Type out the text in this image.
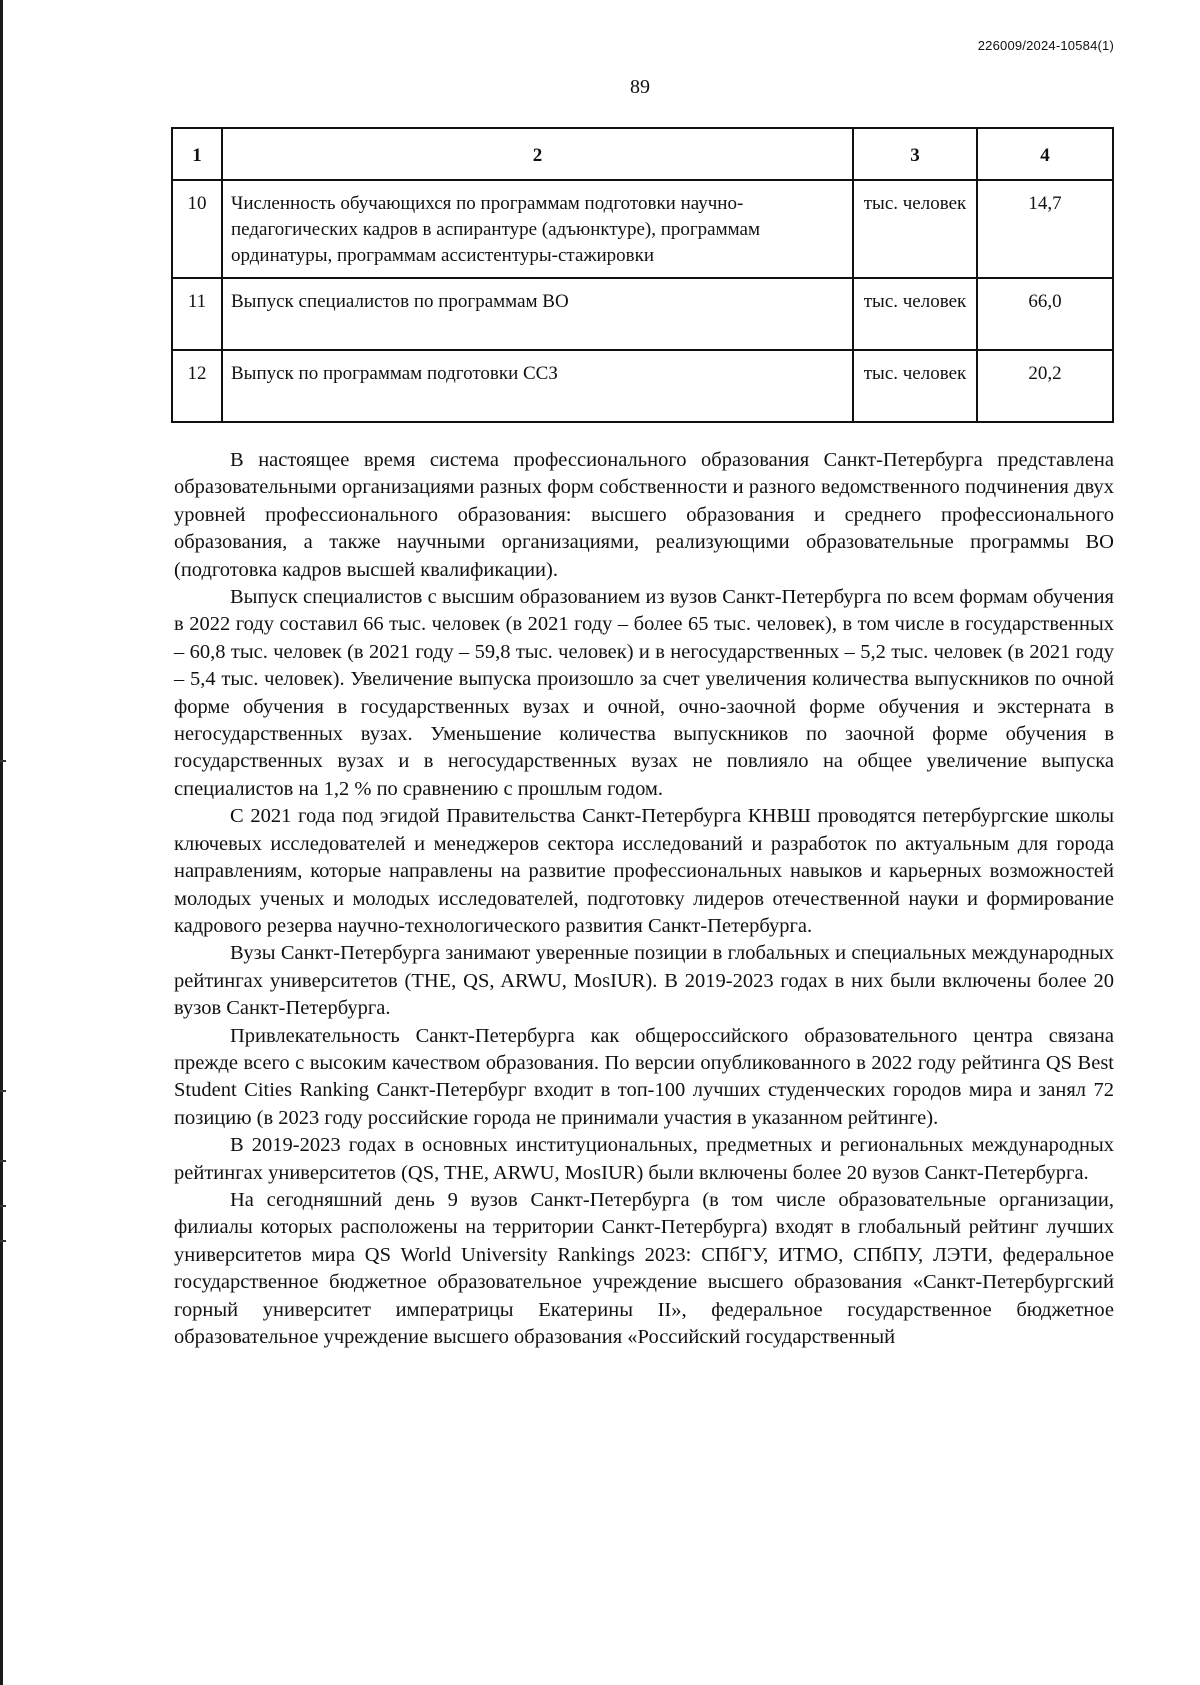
226009/2024-10584(1)
89
1	2	3	4
10	Численность обучающихся по программам подготовки научно-педагогических кадров в аспирантуре (адъюнктуре), программам ординатуры, программам ассистентуры-стажировки	тыс. человек	14,7
11	Выпуск специалистов по программам ВО	тыс. человек	66,0
12	Выпуск по программам подготовки ССЗ	тыс. человек	20,2

В настоящее время система профессионального образования Санкт-Петербурга представлена образовательными организациями разных форм собственности и разного ведомственного подчинения двух уровней профессионального образования: высшего образования и среднего профессионального образования, а также научными организациями, реализующими образовательные программы ВО (подготовка кадров высшей квалификации).

Выпуск специалистов с высшим образованием из вузов Санкт-Петербурга по всем формам обучения в 2022 году составил 66 тыс. человек (в 2021 году – более 65 тыс. человек), в том числе в государственных – 60,8 тыс. человек (в 2021 году – 59,8 тыс. человек) и в негосударственных – 5,2 тыс. человек (в 2021 году – 5,4 тыс. человек). Увеличение выпуска произошло за счет увеличения количества выпускников по очной форме обучения в государственных вузах и очной, очно-заочной форме обучения и экстерната в негосударственных вузах. Уменьшение количества выпускников по заочной форме обучения в государственных вузах и в негосударственных вузах не повлияло на общее увеличение выпуска специалистов на 1,2 % по сравнению с прошлым годом.

С 2021 года под эгидой Правительства Санкт-Петербурга КНВШ проводятся петербургские школы ключевых исследователей и менеджеров сектора исследований и разработок по актуальным для города направлениям, которые направлены на развитие профессиональных навыков и карьерных возможностей молодых ученых и молодых исследователей, подготовку лидеров отечественной науки и формирование кадрового резерва научно-технологического развития Санкт-Петербурга.

Вузы Санкт-Петербурга занимают уверенные позиции в глобальных и специальных международных рейтингах университетов (THE, QS, ARWU, MosIUR). В 2019-2023 годах в них были включены более 20 вузов Санкт-Петербурга.

Привлекательность Санкт-Петербурга как общероссийского образовательного центра связана прежде всего с высоким качеством образования. По версии опубликованного в 2022 году рейтинга QS Best Student Cities Ranking Санкт-Петербург входит в топ-100 лучших студенческих городов мира и занял 72 позицию (в 2023 году российские города не принимали участия в указанном рейтинге).

В 2019-2023 годах в основных институциональных, предметных и региональных международных рейтингах университетов (QS, THE, ARWU, MosIUR) были включены более 20 вузов Санкт-Петербурга.

На сегодняшний день 9 вузов Санкт-Петербурга (в том числе образовательные организации, филиалы которых расположены на территории Санкт-Петербурга) входят в глобальный рейтинг лучших университетов мира QS World University Rankings 2023: СПбГУ, ИТМО, СПбПУ, ЛЭТИ, федеральное государственное бюджетное образовательное учреждение высшего образования «Санкт-Петербургский горный университет императрицы Екатерины II», федеральное государственное бюджетное образовательное учреждение высшего образования «Российский государственный
